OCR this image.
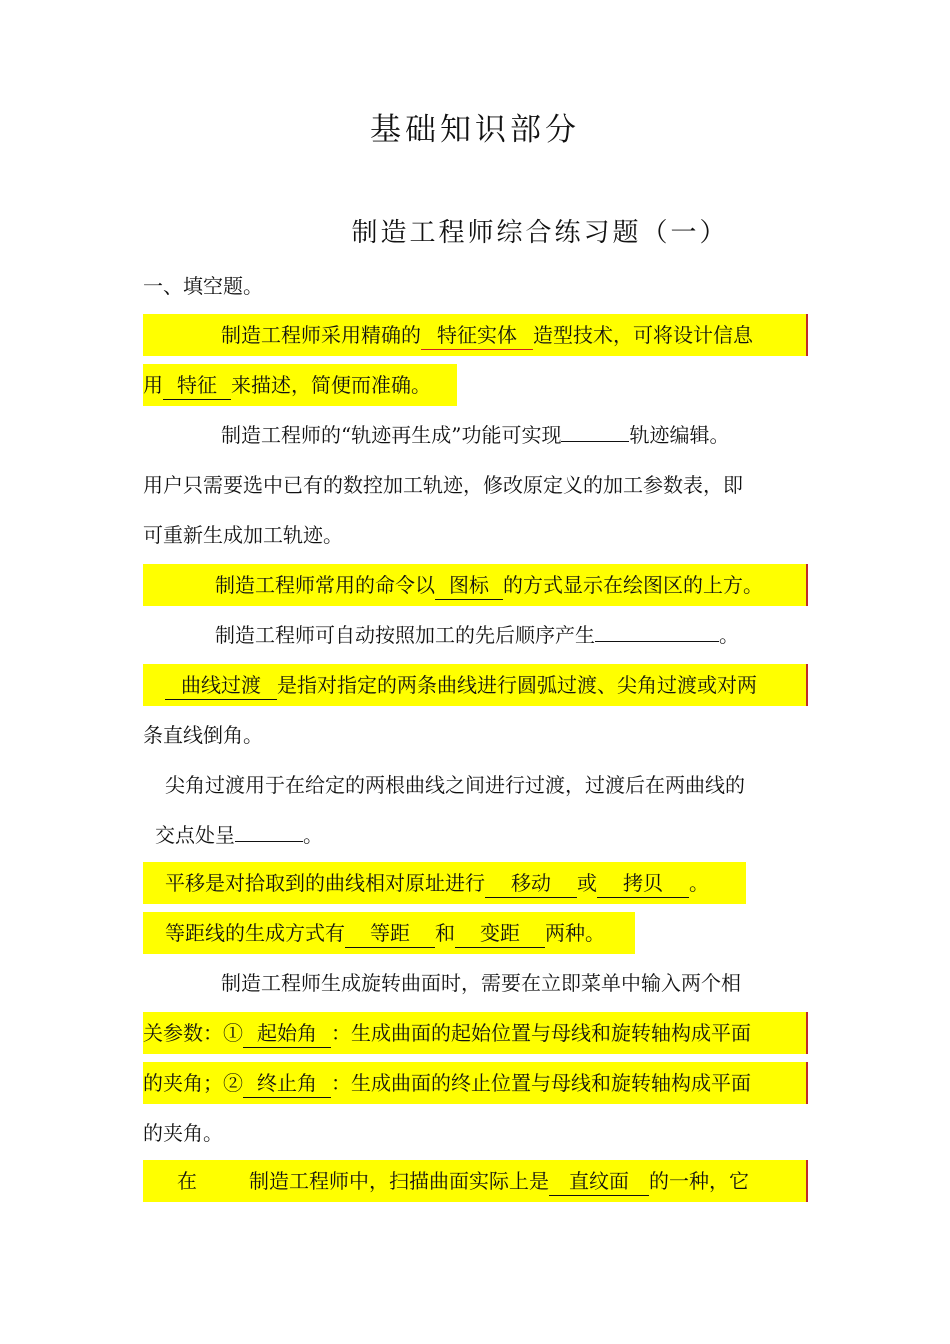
基础知识部分
制造工程师综合练习题（一）
一、填空题。
制造工程师采用精确的 特征实体 造型技术，可将设计信息
用 特征 来描述，简便而准确。
制造工程师的“轨迹再生成”功能可实现	轨迹编辑。
用户只需要选中已有的数控加工轨迹，修改原定义的加工参数表，即
可重新生成加工轨迹。
制造工程师常用的命令以 图标 的方式显示在绘图区的上方。
制造工程师可自动按照加工的先后顺序产生	。
曲线过渡 是指对指定的两条曲线进行圆弧过渡、尖角过渡或对两
条直线倒角。
尖角过渡用于在给定的两根曲线之间进行过渡，过渡后在两曲线的
交点处呈	。
平移是对拾取到的曲线相对原址进行 移动 或 拷贝 。
等距线的生成方式有 等距 和 变距 两种。
制造工程师生成旋转曲面时，需要在立即菜单中输入两个相
关参数：① 起始角 ：生成曲面的起始位置与母线和旋转轴构成平面
的夹角；② 终止角 ：生成曲面的终止位置与母线和旋转轴构成平面
的夹角。
在	制造工程师中，扫描曲面实际上是 直纹面 的一种，它
